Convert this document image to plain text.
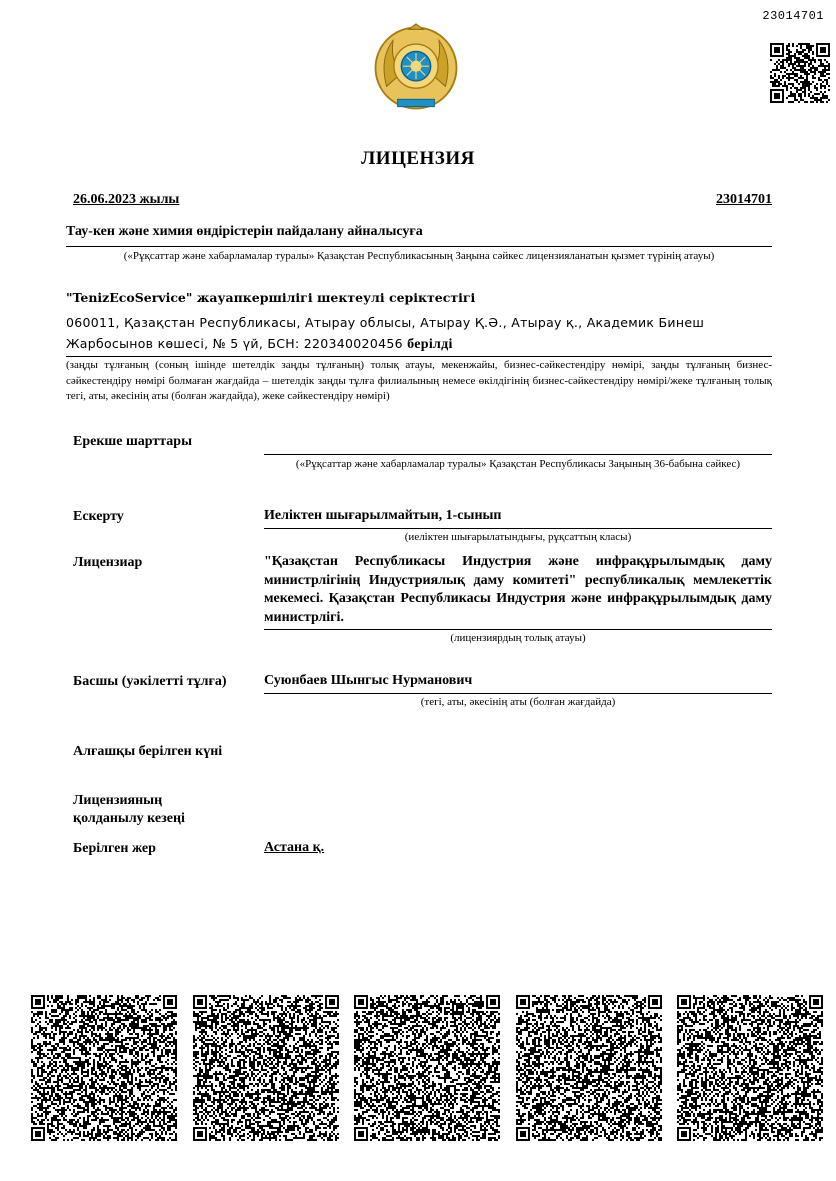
23014701
ЛИЦЕНЗИЯ
26.06.2023 жылы	23014701
Тау-кен және химия өндірістерін пайдалану айналысуға
(«Рұқсаттар және хабарламалар туралы» Қазақстан Республикасының Заңына сәйкес лицензияланатын қызмет түрінің атауы)
"TenizEcoService" жауапкершілігі шектеулі серіктестігі
060011, Қазақстан Республикасы, Атырау облысы, Атырау Қ.Ә., Атырау қ., Академик Бинеш
Жарбосынов көшесі, № 5 үй, БСН: 220340020456 берілді
(заңды тұлғаның (соның ішінде шетелдік заңды тұлғаның) толық атауы, мекенжайы, бизнес-сәйкестендіру нөмірі, заңды тұлғаның бизнес-сәйкестендіру нөмірі болмаған жағдайда – шетелдік заңды тұлға филиалының немесе өкілдігінің бизнес-сәйкестендіру нөмірі/жеке тұлғаның толық тегі, аты, әкесінің аты (болған жағдайда), жеке сәйкестендіру нөмірі)
Ерекше шарттары
(«Рұқсаттар және хабарламалар туралы» Қазақстан Республикасы Заңының 36-бабына сәйкес)
Ескерту	Иеліктен шығарылмайтын, 1-сынып
(иеліктен шығарылатындығы, рұқсаттың класы)
Лицензиар	"Қазақстан Республикасы Индустрия және инфрақұрылымдық даму министрлігінің Индустриялық даму комитеті" республикалық мемлекеттік мекемесі. Қазақстан Республикасы Индустрия және инфрақұрылымдық даму министрлігі.
(лицензиярдың толық атауы)
Басшы (уәкілетті тұлға)	Суюнбаев Шынгыс Нурманович
(тегі, аты, әкесінің аты (болған жағдайда)
Алғашқы берілген күні
Лицензияның
қолданылу кезеңі
Берілген жер	Астана қ.
